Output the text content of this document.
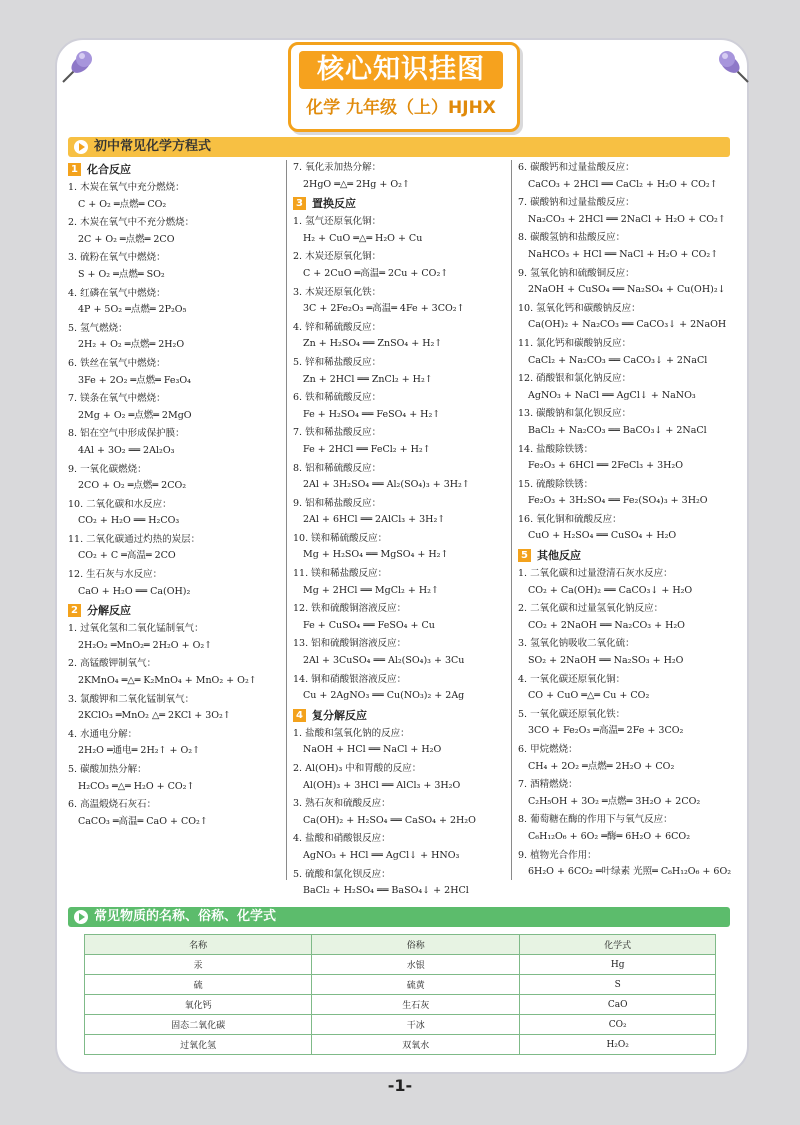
核心知识挂图
化学 九年级（上）HJHX
初中常见化学方程式
1 化合反应
1. 木炭在氧气中充分燃烧：
C + O₂ ═点燃═ CO₂
2. 木炭在氧气中不充分燃烧：
2C + O₂ ═点燃═ 2CO
3. 硫粉在氧气中燃烧：
S + O₂ ═点燃═ SO₂
4. 红磷在氧气中燃烧：
4P + 5O₂ ═点燃═ 2P₂O₅
5. 氢气燃烧：
2H₂ + O₂ ═点燃═ 2H₂O
6. 铁丝在氧气中燃烧：
3Fe + 2O₂ ═点燃═ Fe₃O₄
7. 镁条在氧气中燃烧：
2Mg + O₂ ═点燃═ 2MgO
8. 铝在空气中形成保护膜：
4Al + 3O₂ ══ 2Al₂O₃
9. 一氧化碳燃烧：
2CO + O₂ ═点燃═ 2CO₂
10. 二氧化碳和水反应：
CO₂ + H₂O ══ H₂CO₃
11. 二氧化碳通过灼热的炭层：
CO₂ + C ═高温═ 2CO
12. 生石灰与水反应：
CaO + H₂O ══ Ca(OH)₂
2 分解反应
1. 过氧化氢和二氧化锰制氧气：
2H₂O₂ ═MnO₂═ 2H₂O + O₂↑
2. 高锰酸钾制氧气：
2KMnO₄ ═△═ K₂MnO₄ + MnO₂ + O₂↑
3. 氯酸钾和二氧化锰制氧气：
2KClO₃ ═MnO₂ △═ 2KCl + 3O₂↑
4. 水通电分解：
2H₂O ═通电═ 2H₂↑ + O₂↑
5. 碳酸加热分解：
H₂CO₃ ═△═ H₂O + CO₂↑
6. 高温煅烧石灰石：
CaCO₃ ═高温═ CaO + CO₂↑
7. 氧化汞加热分解：
2HgO ═△═ 2Hg + O₂↑
3 置换反应
1. 氢气还原氧化铜：
H₂ + CuO ═△═ H₂O + Cu
2. 木炭还原氧化铜：
C + 2CuO ═高温═ 2Cu + CO₂↑
3. 木炭还原氧化铁：
3C + 2Fe₂O₃ ═高温═ 4Fe + 3CO₂↑
4. 锌和稀硫酸反应：
Zn + H₂SO₄ ══ ZnSO₄ + H₂↑
5. 锌和稀盐酸反应：
Zn + 2HCl ══ ZnCl₂ + H₂↑
6. 铁和稀硫酸反应：
Fe + H₂SO₄ ══ FeSO₄ + H₂↑
7. 铁和稀盐酸反应：
Fe + 2HCl ══ FeCl₂ + H₂↑
8. 铝和稀硫酸反应：
2Al + 3H₂SO₄ ══ Al₂(SO₄)₃ + 3H₂↑
9. 铝和稀盐酸反应：
2Al + 6HCl ══ 2AlCl₃ + 3H₂↑
10. 镁和稀硫酸反应：
Mg + H₂SO₄ ══ MgSO₄ + H₂↑
11. 镁和稀盐酸反应：
Mg + 2HCl ══ MgCl₂ + H₂↑
12. 铁和硫酸铜溶液反应：
Fe + CuSO₄ ══ FeSO₄ + Cu
13. 铝和硫酸铜溶液反应：
2Al + 3CuSO₄ ══ Al₂(SO₄)₃ + 3Cu
14. 铜和硝酸银溶液反应：
Cu + 2AgNO₃ ══ Cu(NO₃)₂ + 2Ag
4 复分解反应
1. 盐酸和氢氧化钠的反应：
NaOH + HCl ══ NaCl + H₂O
2. Al(OH)₃ 中和胃酸的反应：
Al(OH)₃ + 3HCl ══ AlCl₃ + 3H₂O
3. 熟石灰和硫酸反应：
Ca(OH)₂ + H₂SO₄ ══ CaSO₄ + 2H₂O
4. 盐酸和硝酸银反应：
AgNO₃ + HCl ══ AgCl↓ + HNO₃
5. 硫酸和氯化钡反应：
BaCl₂ + H₂SO₄ ══ BaSO₄↓ + 2HCl
6. 碳酸钙和过量盐酸反应：
CaCO₃ + 2HCl ══ CaCl₂ + H₂O + CO₂↑
7. 碳酸钠和过量盐酸反应：
Na₂CO₃ + 2HCl ══ 2NaCl + H₂O + CO₂↑
8. 碳酸氢钠和盐酸反应：
NaHCO₃ + HCl ══ NaCl + H₂O + CO₂↑
9. 氢氧化钠和硫酸铜反应：
2NaOH + CuSO₄ ══ Na₂SO₄ + Cu(OH)₂↓
10. 氢氧化钙和碳酸钠反应：
Ca(OH)₂ + Na₂CO₃ ══ CaCO₃↓ + 2NaOH
11. 氯化钙和碳酸钠反应：
CaCl₂ + Na₂CO₃ ══ CaCO₃↓ + 2NaCl
12. 硝酸银和氯化钠反应：
AgNO₃ + NaCl ══ AgCl↓ + NaNO₃
13. 碳酸钠和氯化钡反应：
BaCl₂ + Na₂CO₃ ══ BaCO₃↓ + 2NaCl
14. 盐酸除铁锈：
Fe₂O₃ + 6HCl ══ 2FeCl₃ + 3H₂O
15. 硫酸除铁锈：
Fe₂O₃ + 3H₂SO₄ ══ Fe₂(SO₄)₃ + 3H₂O
16. 氧化铜和硫酸反应：
CuO + H₂SO₄ ══ CuSO₄ + H₂O
5 其他反应
1. 二氧化碳和过量澄清石灰水反应：
CO₂ + Ca(OH)₂ ══ CaCO₃↓ + H₂O
2. 二氧化碳和过量氢氧化钠反应：
CO₂ + 2NaOH ══ Na₂CO₃ + H₂O
3. 氢氧化钠吸收二氧化硫：
SO₂ + 2NaOH ══ Na₂SO₃ + H₂O
4. 一氧化碳还原氧化铜：
CO + CuO ═△═ Cu + CO₂
5. 一氧化碳还原氧化铁：
3CO + Fe₂O₃ ═高温═ 2Fe + 3CO₂
6. 甲烷燃烧：
CH₄ + 2O₂ ═点燃═ 2H₂O + CO₂
7. 酒精燃烧：
C₂H₅OH + 3O₂ ═点燃═ 3H₂O + 2CO₂
8. 葡萄糖在酶的作用下与氧气反应：
C₆H₁₂O₆ + 6O₂ ═酶═ 6H₂O + 6CO₂
9. 植物光合作用：
6H₂O + 6CO₂ ═叶绿素 光照═ C₆H₁₂O₆ + 6O₂
常见物质的名称、俗称、化学式
名称	俗称	化学式
汞	水银	Hg
硫	硫黄	S
氧化钙	生石灰	CaO
固态二氧化碳	干冰	CO₂
过氧化氢	双氧水	H₂O₂
-1-
